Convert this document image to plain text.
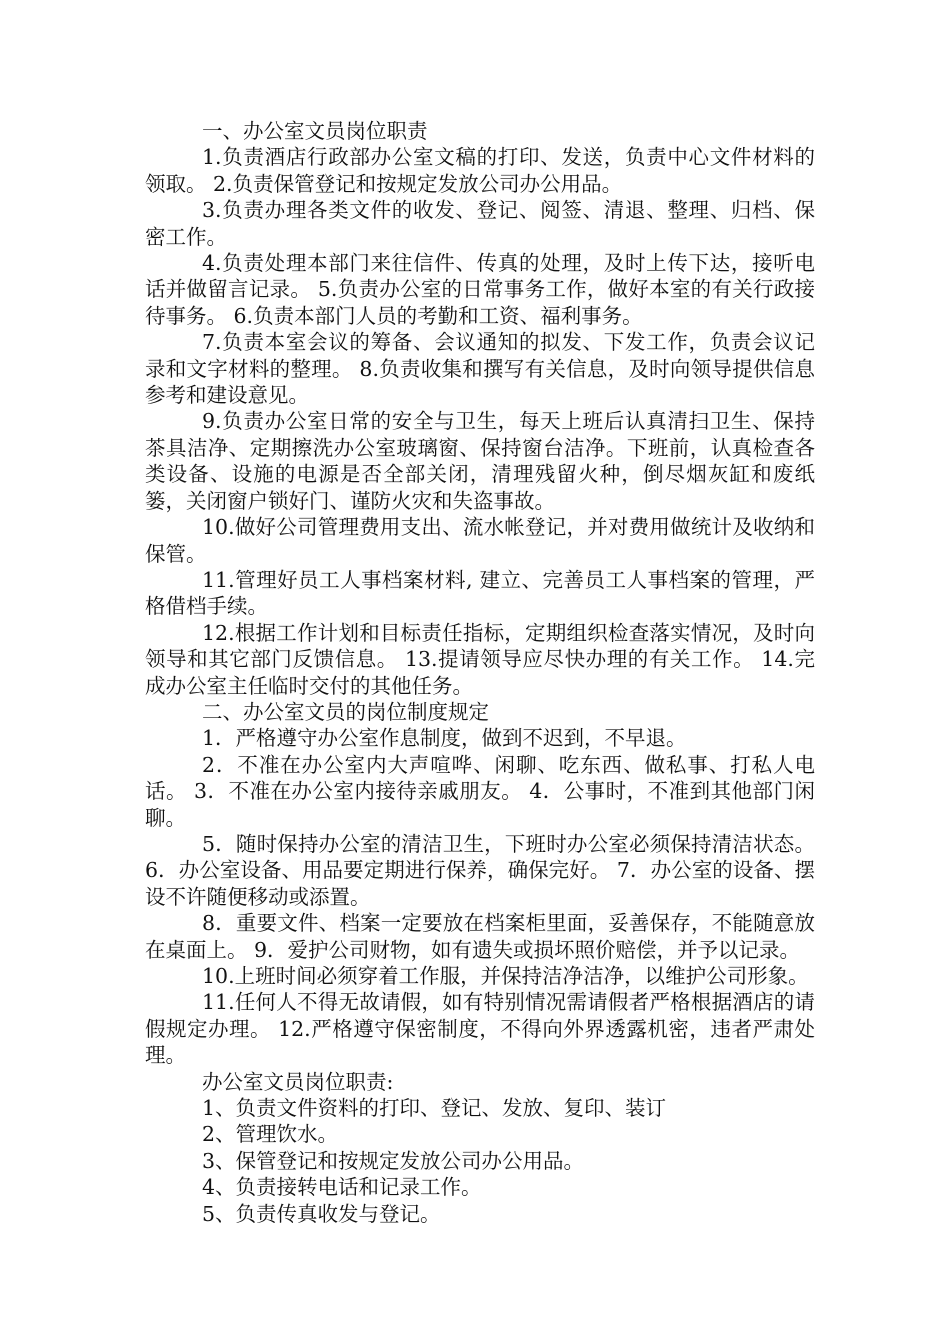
一、办公室文员岗位职责

1.负责酒店行政部办公室文稿的打印、发送，负责中心文件材料的领取。 2.负责保管登记和按规定发放公司办公用品。

3.负责办理各类文件的收发、登记、阅签、清退、整理、归档、保密工作。

4.负责处理本部门来往信件、传真的处理，及时上传下达，接听电话并做留言记录。 5.负责办公室的日常事务工作，做好本室的有关行政接待事务。 6.负责本部门人员的考勤和工资、福利事务。

7.负责本室会议的筹备、会议通知的拟发、下发工作，负责会议记录和文字材料的整理。 8.负责收集和撰写有关信息，及时向领导提供信息参考和建设意见。

9.负责办公室日常的安全与卫生，每天上班后认真清扫卫生、保持茶具洁净、定期擦洗办公室玻璃窗、保持窗台洁净。下班前，认真检查各类设备、设施的电源是否全部关闭，清理残留火种，倒尽烟灰缸和废纸篓，关闭窗户锁好门、谨防火灾和失盗事故。

10.做好公司管理费用支出、流水帐登记，并对费用做统计及收纳和保管。

11.管理好员工人事档案材料, 建立、完善员工人事档案的管理，严格借档手续。

12.根据工作计划和目标责任指标，定期组织检查落实情况，及时向领导和其它部门反馈信息。 13.提请领导应尽快办理的有关工作。 14.完成办公室主任临时交付的其他任务。

二、办公室文员的岗位制度规定

1．严格遵守办公室作息制度，做到不迟到，不早退。

2．不准在办公室内大声喧哗、闲聊、吃东西、做私事、打私人电话。 3．不准在办公室内接待亲戚朋友。 4．公事时，不准到其他部门闲聊。

5．随时保持办公室的清洁卫生，下班时办公室必须保持清洁状态。 6．办公室设备、用品要定期进行保养，确保完好。 7．办公室的设备、摆设不许随便移动或添置。

8．重要文件、档案一定要放在档案柜里面，妥善保存，不能随意放在桌面上。 9．爱护公司财物，如有遗失或损坏照价赔偿，并予以记录。

10.上班时间必须穿着工作服，并保持洁净洁净，以维护公司形象。

11.任何人不得无故请假，如有特别情况需请假者严格根据酒店的请假规定办理。 12.严格遵守保密制度，不得向外界透露机密，违者严肃处理。

办公室文员岗位职责:

1、负责文件资料的打印、登记、发放、复印、装订

2、管理饮水。

3、保管登记和按规定发放公司办公用品。

4、负责接转电话和记录工作。

5、负责传真收发与登记。
